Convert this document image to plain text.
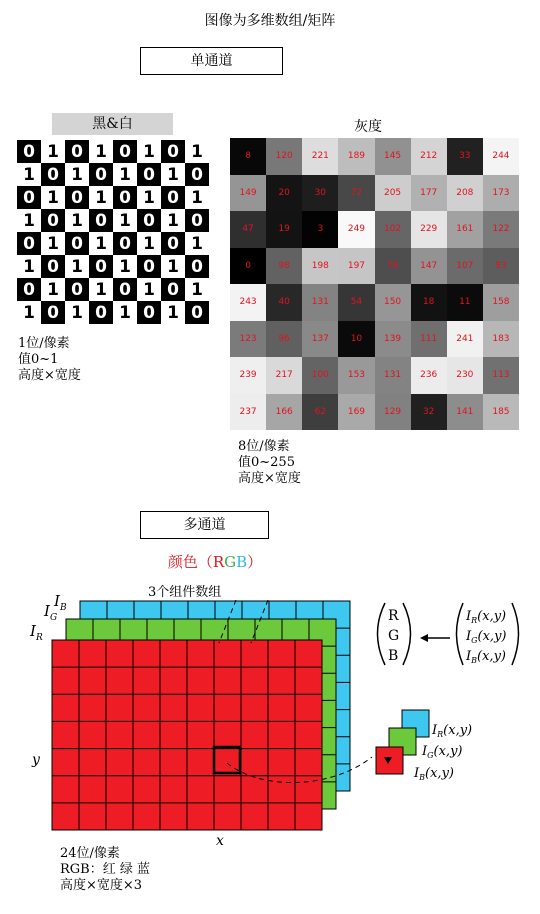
图像为多维数组/矩阵
单通道
黑&白
0 1 0 1 0 1 0 1
1 0 1 0 1 0 1 0
0 1 0 1 0 1 0 1
1 0 1 0 1 0 1 0
0 1 0 1 0 1 0 1
1 0 1 0 1 0 1 0
0 1 0 1 0 1 0 1
1 0 1 0 1 0 1 0
1位/像素
值0~1
高度×宽度
灰度
8	120	221	189	145	212	33	244
149	20	30	72	205	177	208	173
47	19	3	249	102	229	161	122
0	98	198	197	78	147	107	93
243	40	131	54	150	18	11	158
123	96	137	10	139	111	241	183
239	217	100	153	131	236	230	113
237	166	62	169	129	32	141	185
8位/像素
值0~255
高度×宽度
多通道
颜色（RGB）
3个组件数组
$I_B$
$I_G$
$I_R$
y
x
R
G
B
$I_R(x,y)$
$I_G(x,y)$
$I_B(x,y)$
$I_R(x,y)$
$I_G(x,y)$
$I_B(x,y)$
24位/像素
RGB：红 绿 蓝
高度×宽度×3
